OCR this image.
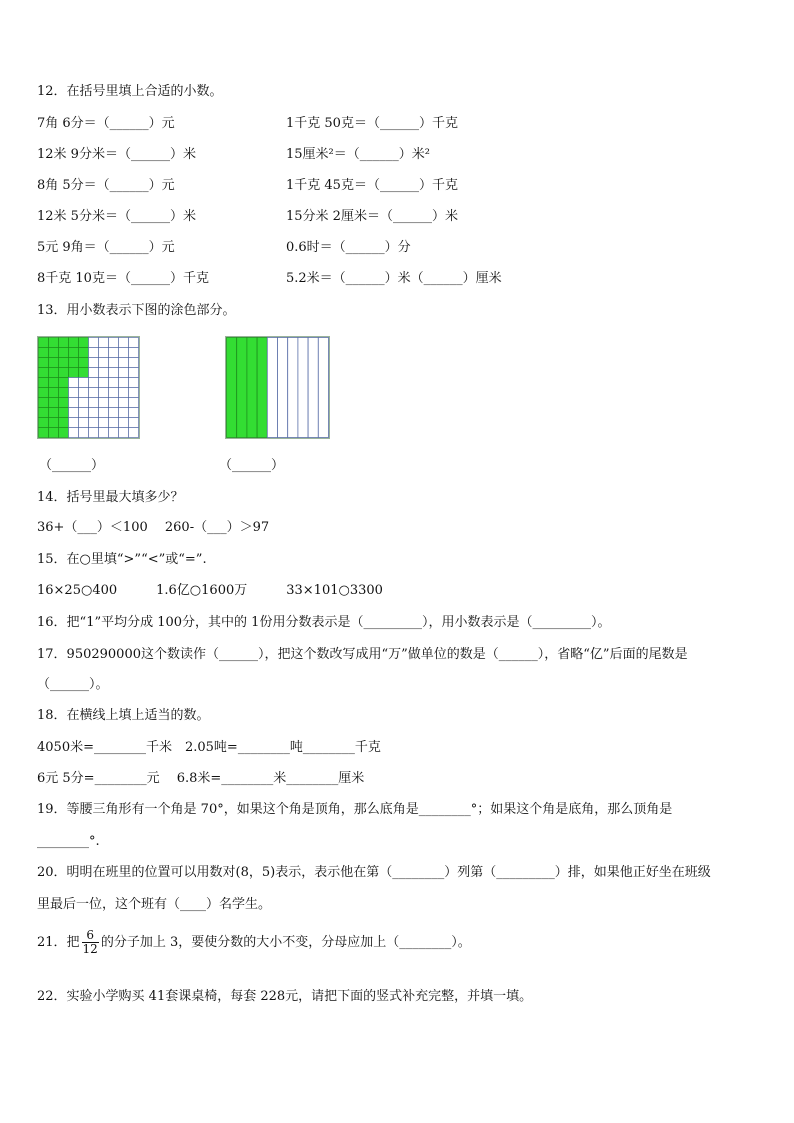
12．在括号里填上合适的小数。
7角 6分＝（______）元	1千克 50克＝（______）千克
12米 9分米＝（______）米	15厘米²＝（______）米²
8角 5分＝（______）元	1千克 45克＝（______）千克
12米 5分米＝（______）米	15分米 2厘米＝（______）米
5元 9角＝（______）元	0.6时＝（______）分
8千克 10克＝（______）千克	5.2米＝（______）米（______）厘米
13．用小数表示下图的涂色部分。
（______）	（______）
14．括号里最大填多少？
36+（___）＜100　 260-（___）＞97
15．在○里填“>”“<”或“=”.
16×25○400　　　1.6亿○1600万　　　33×101○3300
16．把“1”平均分成 100分，其中的 1份用分数表示是（_________），用小数表示是（_________）。
17．950290000这个数读作（______），把这个数改写成用“万”做单位的数是（______），省略“亿”后面的尾数是
（______）。
18．在横线上填上适当的数。
4050米=________千米　2.05吨=________吨________千克
6元 5分=________元　 6.8米=________米________厘米
19．等腰三角形有一个角是 70°，如果这个角是顶角，那么底角是________°；如果这个角是底角，那么顶角是
________°.
20．明明在班里的位置可以用数对(8，5)表示，表示他在第（________）列第（_________）排，如果他正好坐在班级
里最后一位，这个班有（____）名学生。
21．把 $\frac{6}{12}$ 的分子加上 3，要使分数的大小不变，分母应加上（________）。
22．实验小学购买 41套课桌椅，每套 228元，请把下面的竖式补充完整，并填一填。
